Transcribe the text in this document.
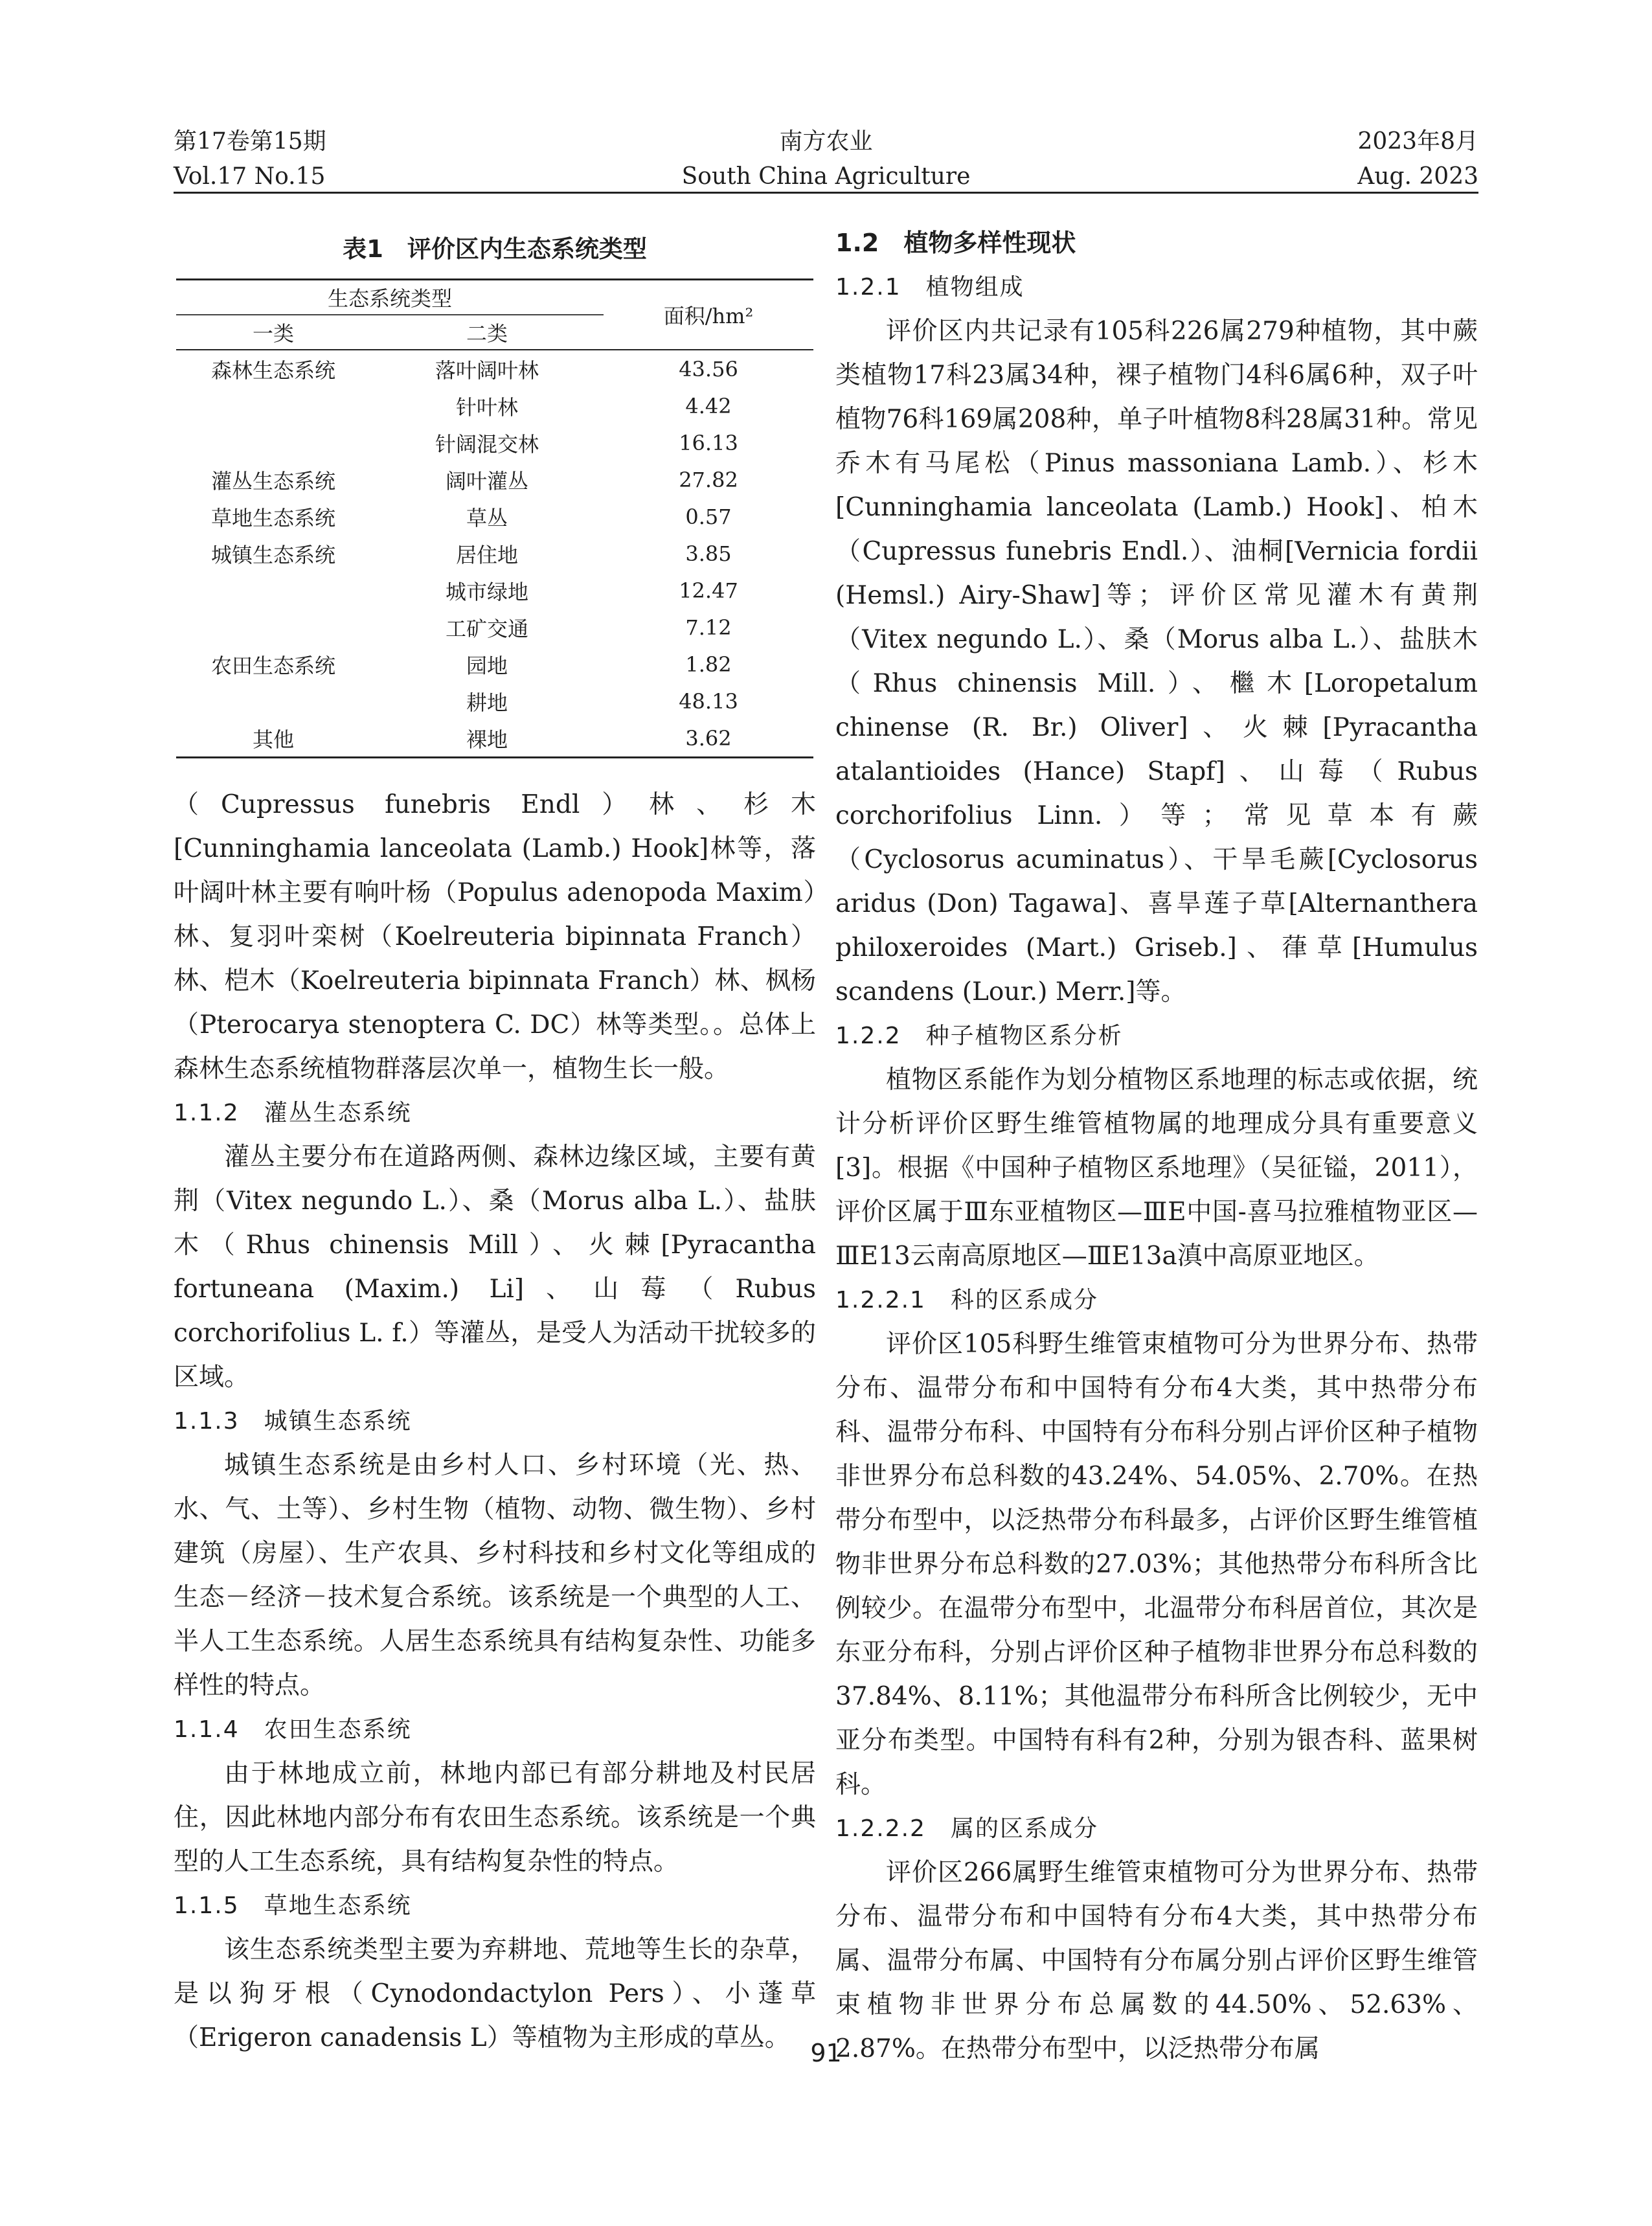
第17卷第15期
Vol.17 No.15
南方农业
South China Agriculture
2023年8月
Aug. 2023
表1　评价区内生态系统类型
生态系统类型		面积/hm²
一类	二类	
森林生态系统	落叶阔叶林	43.56
	针叶林	4.42
	针阔混交林	16.13
灌丛生态系统	阔叶灌丛	27.82
草地生态系统	草丛	0.57
城镇生态系统	居住地	3.85
	城市绿地	12.47
	工矿交通	7.12
农田生态系统	园地	1.82
	耕地	48.13
其他	裸地	3.62

（Cupressus funebris Endl）林、杉木[Cunninghamia lanceolata (Lamb.) Hook]林等，落叶阔叶林主要有响叶杨（Populus adenopoda Maxim）林、复羽叶栾树（Koelreuteria bipinnata Franch）林、桤木（Koelreuteria bipinnata Franch）林、枫杨（Pterocarya stenoptera C. DC）林等类型。。总体上森林生态系统植物群落层次单一，植物生长一般。

1.1.2　灌丛生态系统

灌丛主要分布在道路两侧、森林边缘区域，主要有黄荆（Vitex negundo L.）、桑（Morus alba L.）、盐肤木（Rhus chinensis Mill）、火棘[Pyracantha fortuneana (Maxim.) Li]、山莓（Rubus corchorifolius L. f.）等灌丛，是受人为活动干扰较多的区域。

1.1.3　城镇生态系统

城镇生态系统是由乡村人口、乡村环境（光、热、水、气、土等）、乡村生物（植物、动物、微生物）、乡村建筑（房屋）、生产农具、乡村科技和乡村文化等组成的生态－经济－技术复合系统。该系统是一个典型的人工、半人工生态系统。人居生态系统具有结构复杂性、功能多样性的特点。

1.1.4　农田生态系统

由于林地成立前，林地内部已有部分耕地及村民居住，因此林地内部分布有农田生态系统。该系统是一个典型的人工生态系统，具有结构复杂性的特点。

1.1.5　草地生态系统

该生态系统类型主要为弃耕地、荒地等生长的杂草，是以狗牙根（Cynodondactylon Pers）、小蓬草（Erigeron canadensis L）等植物为主形成的草丛。

1.2　植物多样性现状

1.2.1　植物组成

评价区内共记录有105科226属279种植物，其中蕨类植物17科23属34种，裸子植物门4科6属6种，双子叶植物76科169属208种，单子叶植物8科28属31种。常见乔木有马尾松（Pinus massoniana Lamb.）、杉木[Cunninghamia lanceolata (Lamb.) Hook]、柏木（Cupressus funebris Endl.）、油桐[Vernicia fordii (Hemsl.) Airy-Shaw]等；评价区常见灌木有黄荆（Vitex negundo L.）、桑（Morus alba L.）、盐肤木（Rhus chinensis Mill.）、檵木[Loropetalum chinense (R. Br.) Oliver]、火棘[Pyracantha atalantioides (Hance) Stapf]、山莓（Rubus corchorifolius Linn.）等；常见草本有蕨（Cyclosorus acuminatus）、干旱毛蕨[Cyclosorus aridus (Don) Tagawa]、喜旱莲子草[Alternanthera philoxeroides (Mart.) Griseb.]、葎草[Humulus scandens (Lour.) Merr.]等。

1.2.2　种子植物区系分析

植物区系能作为划分植物区系地理的标志或依据，统计分析评价区野生维管植物属的地理成分具有重要意义[3]。根据《中国种子植物区系地理》（吴征镒，2011），评价区属于Ⅲ东亚植物区—ⅢE中国-喜马拉雅植物亚区—ⅢE13云南高原地区—ⅢE13a滇中高原亚地区。

1.2.2.1　科的区系成分

评价区105科野生维管束植物可分为世界分布、热带分布、温带分布和中国特有分布4大类，其中热带分布科、温带分布科、中国特有分布科分别占评价区种子植物非世界分布总科数的43.24%、54.05%、2.70%。在热带分布型中，以泛热带分布科最多，占评价区野生维管植物非世界分布总科数的27.03%；其他热带分布科所含比例较少。在温带分布型中，北温带分布科居首位，其次是东亚分布科，分别占评价区种子植物非世界分布总科数的37.84%、8.11%；其他温带分布科所含比例较少，无中亚分布类型。中国特有科有2种，分别为银杏科、蓝果树科。

1.2.2.2　属的区系成分

评价区266属野生维管束植物可分为世界分布、热带分布、温带分布和中国特有分布4大类，其中热带分布属、温带分布属、中国特有分布属分别占评价区野生维管束植物非世界分布总属数的44.50%、52.63%、2.87%。在热带分布型中，以泛热带分布属

91
